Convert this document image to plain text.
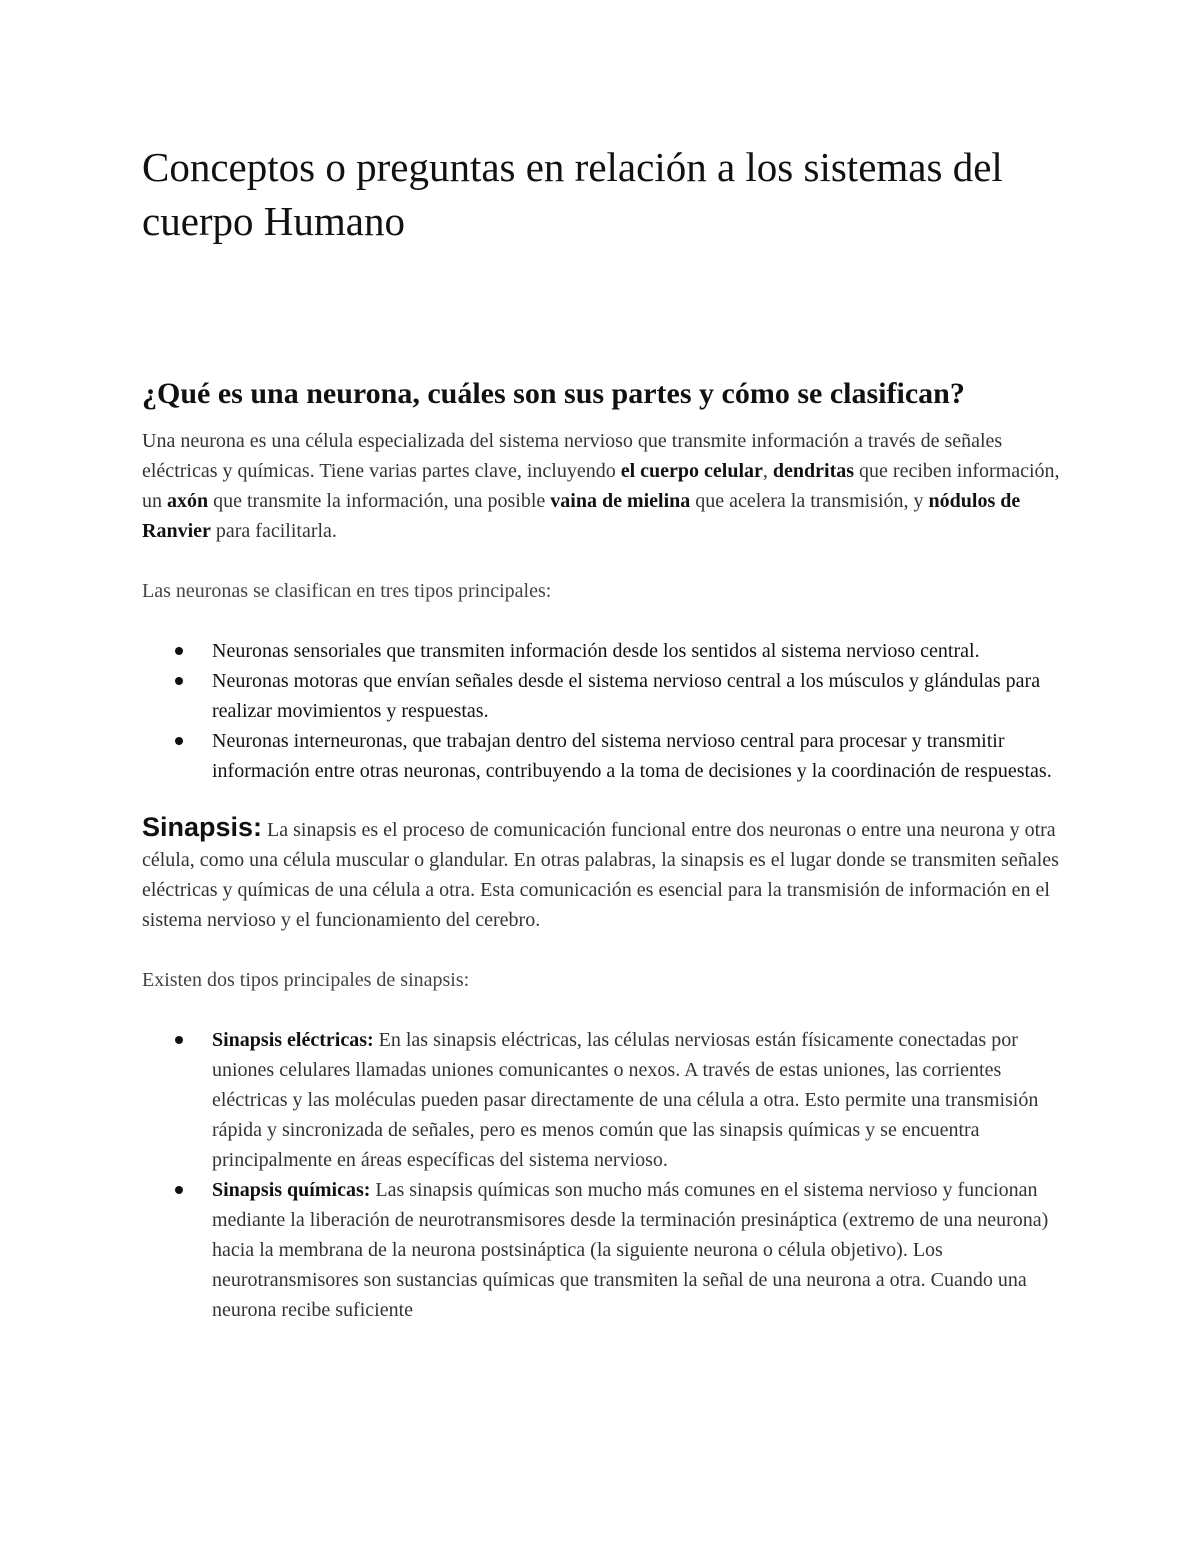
Conceptos o preguntas en relación a los sistemas del cuerpo Humano
¿Qué es una neurona, cuáles son sus partes y cómo se clasifican?

Una neurona es una célula especializada del sistema nervioso que transmite información a través de señales eléctricas y químicas. Tiene varias partes clave, incluyendo el cuerpo celular, dendritas que reciben información, un axón que transmite la información, una posible vaina de mielina que acelera la transmisión, y nódulos de Ranvier para facilitarla.

Las neuronas se clasifican en tres tipos principales:

Neuronas sensoriales que transmiten información desde los sentidos al sistema nervioso central.
Neuronas motoras que envían señales desde el sistema nervioso central a los músculos y glándulas para realizar movimientos y respuestas.
Neuronas interneuronas, que trabajan dentro del sistema nervioso central para procesar y transmitir información entre otras neuronas, contribuyendo a la toma de decisiones y la coordinación de respuestas.

Sinapsis: La sinapsis es el proceso de comunicación funcional entre dos neuronas o entre una neurona y otra célula, como una célula muscular o glandular. En otras palabras, la sinapsis es el lugar donde se transmiten señales eléctricas y químicas de una célula a otra. Esta comunicación es esencial para la transmisión de información en el sistema nervioso y el funcionamiento del cerebro.

Existen dos tipos principales de sinapsis:

Sinapsis eléctricas: En las sinapsis eléctricas, las células nerviosas están físicamente conectadas por uniones celulares llamadas uniones comunicantes o nexos. A través de estas uniones, las corrientes eléctricas y las moléculas pueden pasar directamente de una célula a otra. Esto permite una transmisión rápida y sincronizada de señales, pero es menos común que las sinapsis químicas y se encuentra principalmente en áreas específicas del sistema nervioso.
Sinapsis químicas: Las sinapsis químicas son mucho más comunes en el sistema nervioso y funcionan mediante la liberación de neurotransmisores desde la terminación presináptica (extremo de una neurona) hacia la membrana de la neurona postsináptica (la siguiente neurona o célula objetivo). Los neurotransmisores son sustancias químicas que transmiten la señal de una neurona a otra. Cuando una neurona recibe suficiente
